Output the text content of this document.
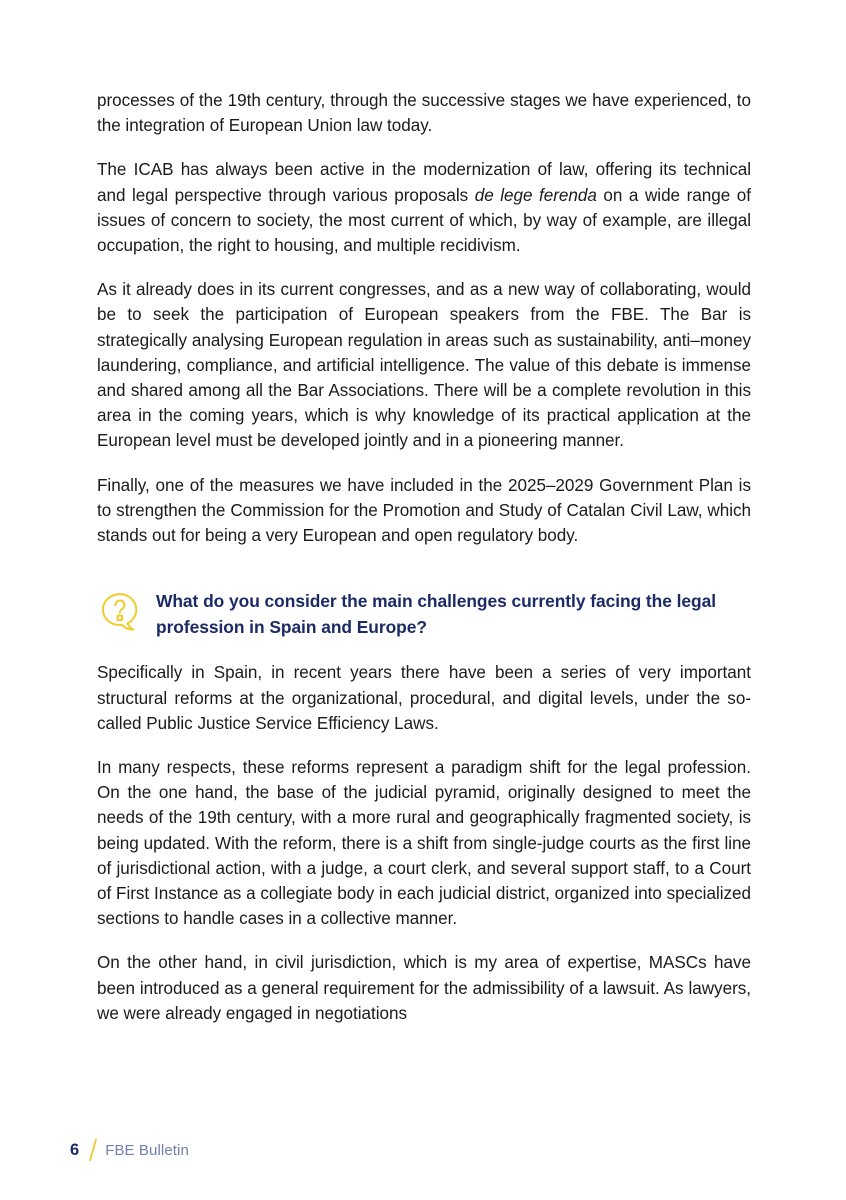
processes of the 19th century, through the successive stages we have experienced, to the integration of European Union law today.

The ICAB has always been active in the modernization of law, offering its technical and legal perspective through various proposals de lege ferenda on a wide range of issues of concern to society, the most current of which, by way of example, are illegal occupation, the right to housing, and multiple recidivism.

As it already does in its current congresses, and as a new way of collaborating, would be to seek the participation of European speakers from the FBE. The Bar is strategically analysing European regulation in areas such as sustainability, anti–money laundering, compliance, and artificial intelligence. The value of this debate is immense and shared among all the Bar Associations. There will be a complete revolution in this area in the coming years, which is why knowledge of its practical application at the European level must be developed jointly and in a pioneering manner.

Finally, one of the measures we have included in the 2025–2029 Government Plan is to strengthen the Commission for the Promotion and Study of Catalan Civil Law, which stands out for being a very European and open regulatory body.

What do you consider the main challenges currently facing the legal profession in Spain and Europe?

Specifically in Spain, in recent years there have been a series of very important structural reforms at the organizational, procedural, and digital levels, under the so-called Public Justice Service Efficiency Laws.

In many respects, these reforms represent a paradigm shift for the legal profession. On the one hand, the base of the judicial pyramid, originally designed to meet the needs of the 19th century, with a more rural and geographically fragmented society, is being updated. With the reform, there is a shift from single-judge courts as the first line of jurisdictional action, with a judge, a court clerk, and several support staff, to a Court of First Instance as a collegiate body in each judicial district, organized into specialized sections to handle cases in a collective manner.

On the other hand, in civil jurisdiction, which is my area of expertise, MASCs have been introduced as a general requirement for the admissibility of a lawsuit. As lawyers, we were already engaged in negotiations

6 FBE Bulletin
